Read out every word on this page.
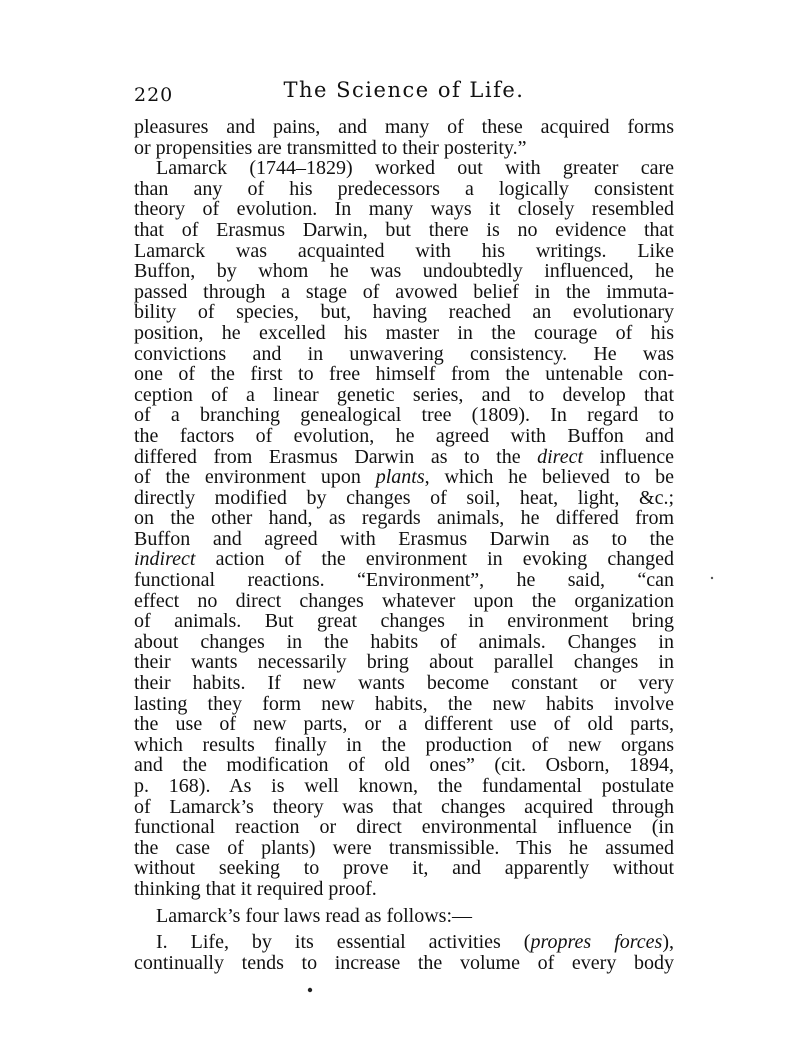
220	The Science of Life.
pleasures and pains, and many of these acquired forms
or propensities are transmitted to their posterity.”
Lamarck (1744–1829) worked out with greater care
than any of his predecessors a logically consistent
theory of evolution. In many ways it closely resembled
that of Erasmus Darwin, but there is no evidence that
Lamarck was acquainted with his writings. Like
Buffon, by whom he was undoubtedly influenced, he
passed through a stage of avowed belief in the immuta-
bility of species, but, having reached an evolutionary
position, he excelled his master in the courage of his
convictions and in unwavering consistency. He was
one of the first to free himself from the untenable con-
ception of a linear genetic series, and to develop that
of a branching genealogical tree (1809). In regard to
the factors of evolution, he agreed with Buffon and
differed from Erasmus Darwin as to the direct influence
of the environment upon plants, which he believed to be
directly modified by changes of soil, heat, light, &c.;
on the other hand, as regards animals, he differed from
Buffon and agreed with Erasmus Darwin as to the
indirect action of the environment in evoking changed
functional reactions. “Environment”, he said, “can
effect no direct changes whatever upon the organization
of animals. But great changes in environment bring
about changes in the habits of animals. Changes in
their wants necessarily bring about parallel changes in
their habits. If new wants become constant or very
lasting they form new habits, the new habits involve
the use of new parts, or a different use of old parts,
which results finally in the production of new organs
and the modification of old ones” (cit. Osborn, 1894,
p. 168). As is well known, the fundamental postulate
of Lamarck’s theory was that changes acquired through
functional reaction or direct environmental influence (in
the case of plants) were transmissible. This he assumed
without seeking to prove it, and apparently without
thinking that it required proof.
Lamarck’s four laws read as follows:—
I. Life, by its essential activities (propres forces),
continually tends to increase the volume of every body
